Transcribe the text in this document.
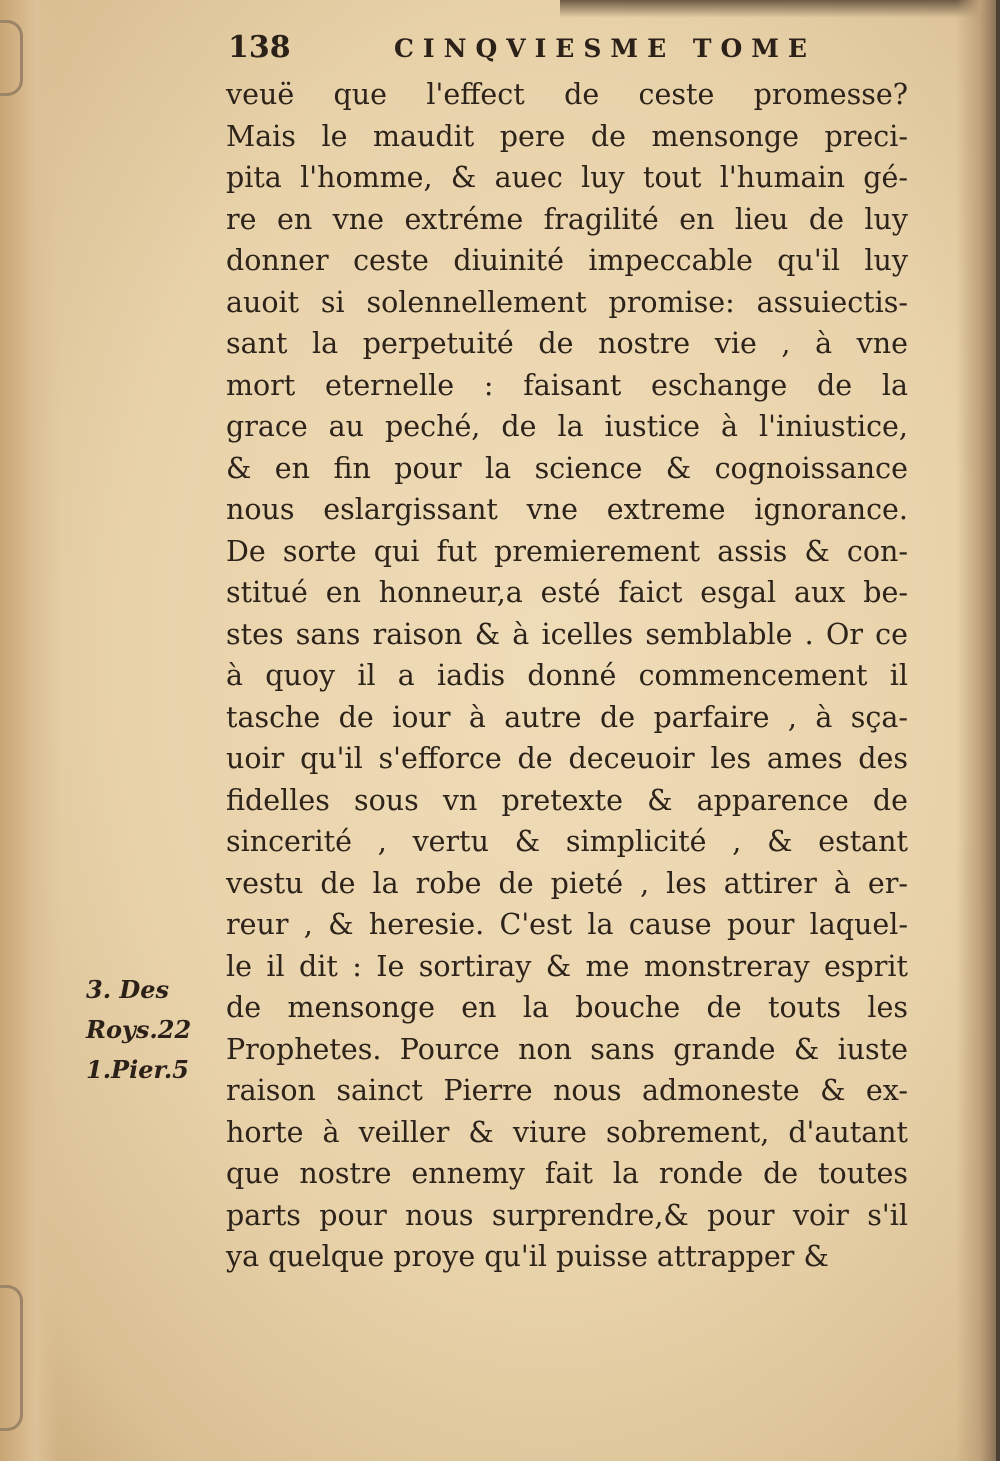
138	CINQVIESME TOME
veuë que l'effect de ceste promesse?
Mais le maudit pere de mensonge preci-
pita l'homme, & auec luy tout l'humain gé-
re en vne extréme fragilité en lieu de luy
donner ceste diuinité impeccable qu'il luy
auoit si solennellement promise: assuiectis-
sant la perpetuité de nostre vie , à vne
mort eternelle : faisant eschange de la
grace au peché, de la iustice à l'iniustice,
& en fin pour la science & cognoissance
nous eslargissant vne extreme ignorance.
De sorte qui fut premierement assis & con-
stitué en honneur,a esté faict esgal aux be-
stes sans raison & à icelles semblable . Or ce
à quoy il a iadis donné commencement il
tasche de iour à autre de parfaire , à sça-
uoir qu'il s'efforce de deceuoir les ames des
fidelles sous vn pretexte & apparence de
sincerité , vertu & simplicité , & estant
vestu de la robe de pieté , les attirer à er-
reur , & heresie. C'est la cause pour laquel-
le il dit : Ie sortiray & me monstreray esprit
de mensonge en la bouche de touts les
Prophetes. Pource non sans grande & iuste
raison sainct Pierre nous admoneste & ex-
horte à veiller & viure sobrement, d'autant
que nostre ennemy fait la ronde de toutes
parts pour nous surprendre,& pour voir s'il
ya quelque proye qu'il puisse attrapper &
3. Des
Roys.22
1.Pier.5
